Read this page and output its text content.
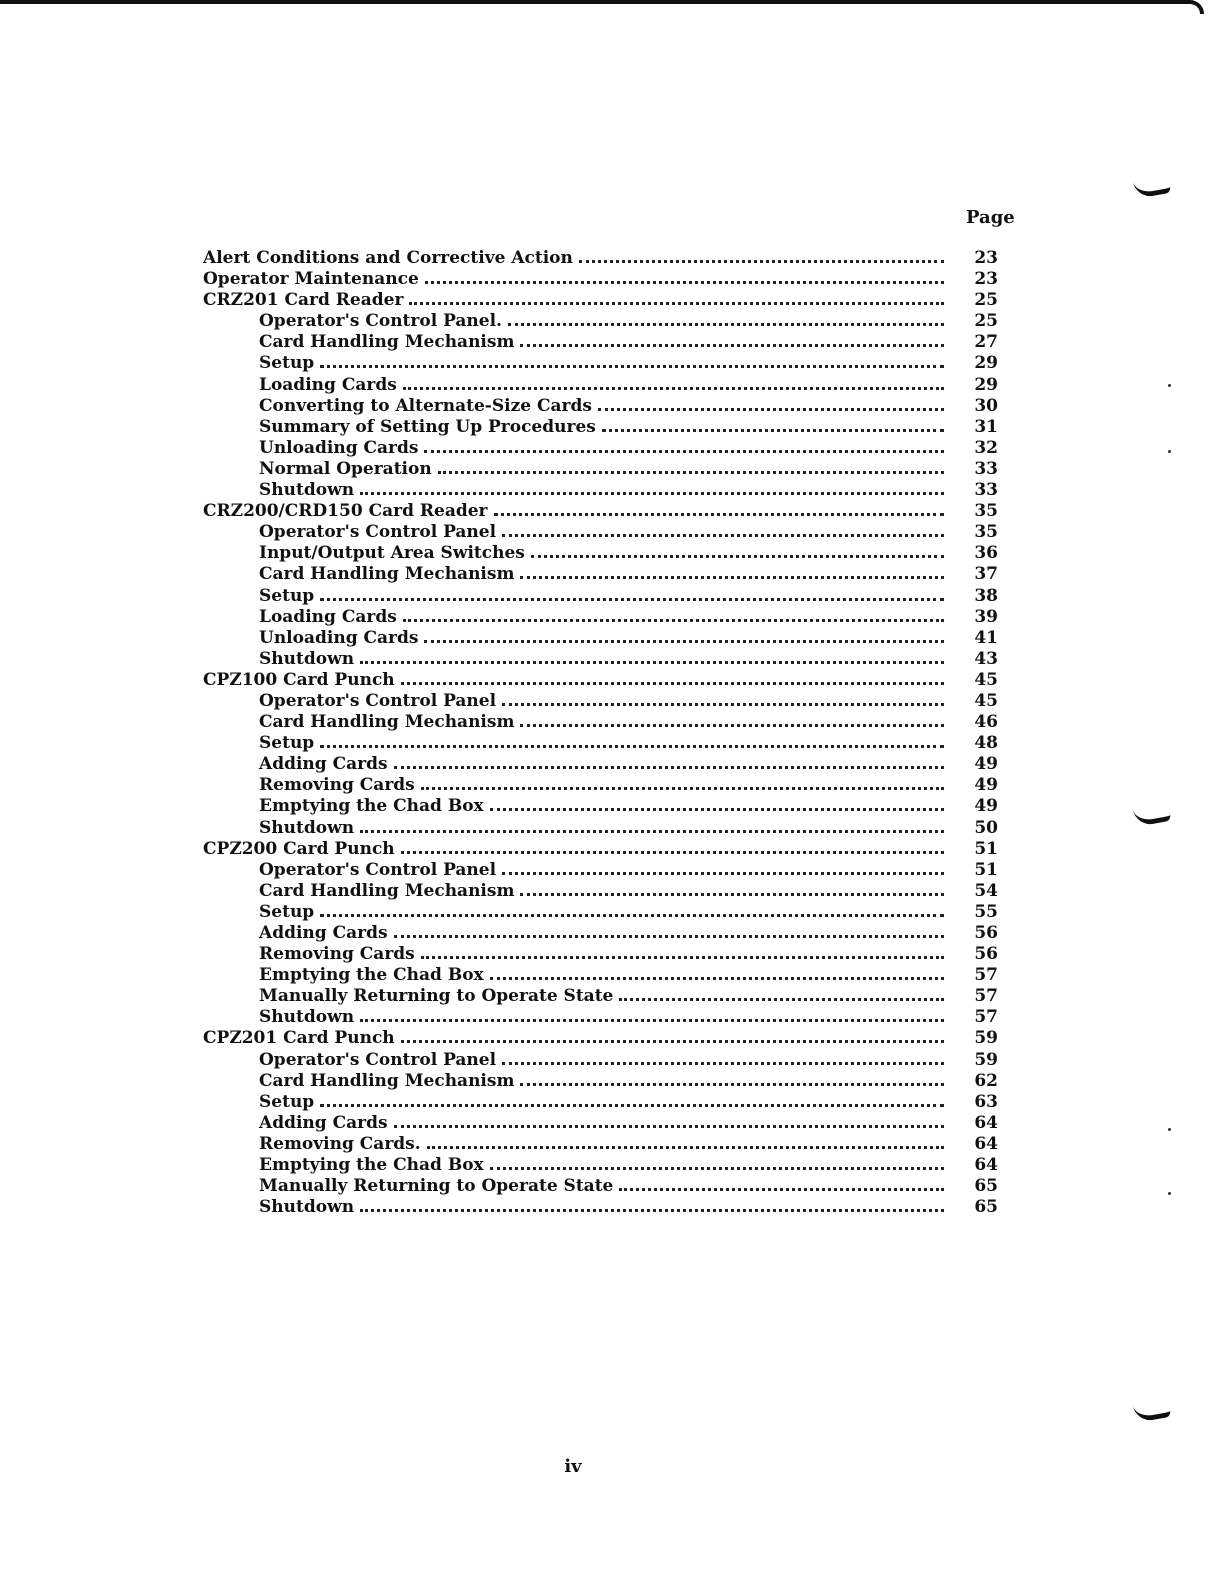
Page
Alert Conditions and Corrective Action	23
Operator Maintenance	23
CRZ201 Card Reader	25
Operator's Control Panel.	25
Card Handling Mechanism	27
Setup	29
Loading Cards	29
Converting to Alternate-Size Cards	30
Summary of Setting Up Procedures	31
Unloading Cards	32
Normal Operation	33
Shutdown	33
CRZ200/CRD150 Card Reader	35
Operator's Control Panel	35
Input/Output Area Switches	36
Card Handling Mechanism	37
Setup	38
Loading Cards	39
Unloading Cards	41
Shutdown	43
CPZ100 Card Punch	45
Operator's Control Panel	45
Card Handling Mechanism	46
Setup	48
Adding Cards	49
Removing Cards	49
Emptying the Chad Box	49
Shutdown	50
CPZ200 Card Punch	51
Operator's Control Panel	51
Card Handling Mechanism	54
Setup	55
Adding Cards	56
Removing Cards	56
Emptying the Chad Box	57
Manually Returning to Operate State	57
Shutdown	57
CPZ201 Card Punch	59
Operator's Control Panel	59
Card Handling Mechanism	62
Setup	63
Adding Cards	64
Removing Cards.	64
Emptying the Chad Box	64
Manually Returning to Operate State	65
Shutdown	65
iv
